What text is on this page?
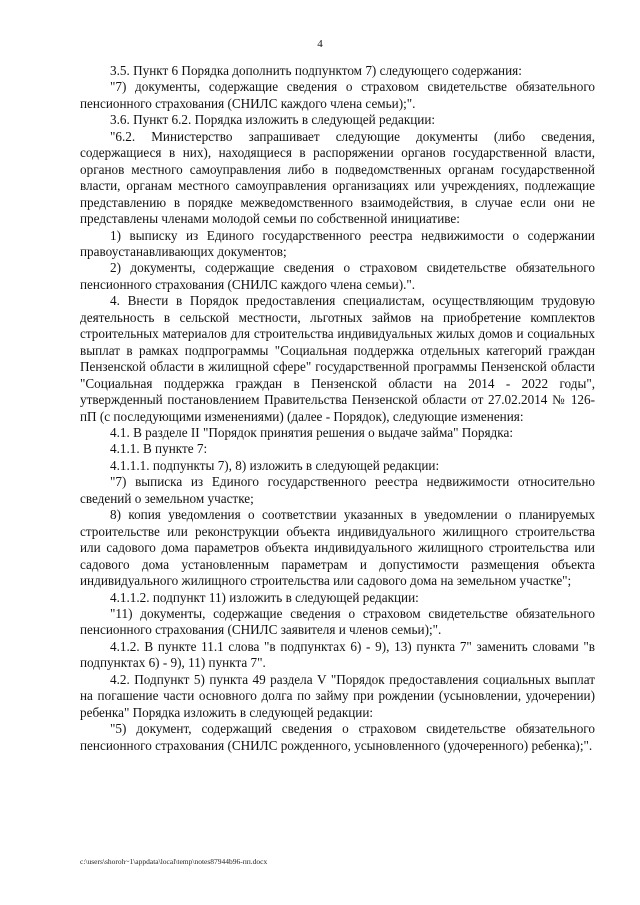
4

3.5. Пункт 6 Порядка дополнить подпунктом 7) следующего содержания:

"7) документы, содержащие сведения о страховом свидетельстве обязательного пенсионного страхования (СНИЛС каждого члена семьи);".

3.6. Пункт 6.2. Порядка изложить в следующей редакции:

"6.2. Министерство запрашивает следующие документы (либо сведения, содержащиеся в них), находящиеся в распоряжении органов государственной власти, органов местного самоуправления либо в подведомственных органам государственной власти, органам местного самоуправления организациях или учреждениях, подлежащие представлению в порядке межведомственного взаимодействия, в случае если они не представлены членами молодой семьи по собственной инициативе:

1) выписку из Единого государственного реестра недвижимости о содержании правоустанавливающих документов;

2) документы, содержащие сведения о страховом свидетельстве обязательного пенсионного страхования (СНИЛС каждого члена семьи).".

4. Внести в Порядок предоставления специалистам, осуществляющим трудовую деятельность в сельской местности, льготных займов на приобретение комплектов строительных материалов для строительства индивидуальных жилых домов и социальных выплат в рамках подпрограммы "Социальная поддержка отдельных категорий граждан Пензенской области в жилищной сфере" государственной программы Пензенской области "Социальная поддержка граждан в Пензенской области на 2014 - 2022 годы", утвержденный постановлением Правительства Пензенской области от 27.02.2014 № 126-пП (с последующими изменениями) (далее - Порядок), следующие изменения:

4.1. В разделе II "Порядок принятия решения о выдаче займа" Порядка:

4.1.1. В пункте 7:

4.1.1.1. подпункты 7), 8) изложить в следующей редакции:

"7) выписка из Единого государственного реестра недвижимости относительно сведений о земельном участке;

8) копия уведомления о соответствии указанных в уведомлении о планируемых строительстве или реконструкции объекта индивидуального жилищного строительства или садового дома параметров объекта индивидуального жилищного строительства или садового дома установленным параметрам и допустимости размещения объекта индивидуального жилищного строительства или садового дома на земельном участке";

4.1.1.2. подпункт 11) изложить в следующей редакции:

"11) документы, содержащие сведения о страховом свидетельстве обязательного пенсионного страхования (СНИЛС заявителя и членов семьи);".

4.1.2. В пункте 11.1 слова "в подпунктах 6) - 9), 13) пункта 7" заменить словами "в подпунктах 6) - 9), 11) пункта 7".

4.2. Подпункт 5) пункта 49 раздела V "Порядок предоставления социальных выплат на погашение части основного долга по займу при рождении (усыновлении, удочерении) ребенка" Порядка изложить в следующей редакции:

"5) документ, содержащий сведения о страховом свидетельстве обязательного пенсионного страхования (СНИЛС рожденного, усыновленного (удочеренного) ребенка);".

c:\users\shoroh~1\appdata\local\temp\notes87944b96-пп.docx
